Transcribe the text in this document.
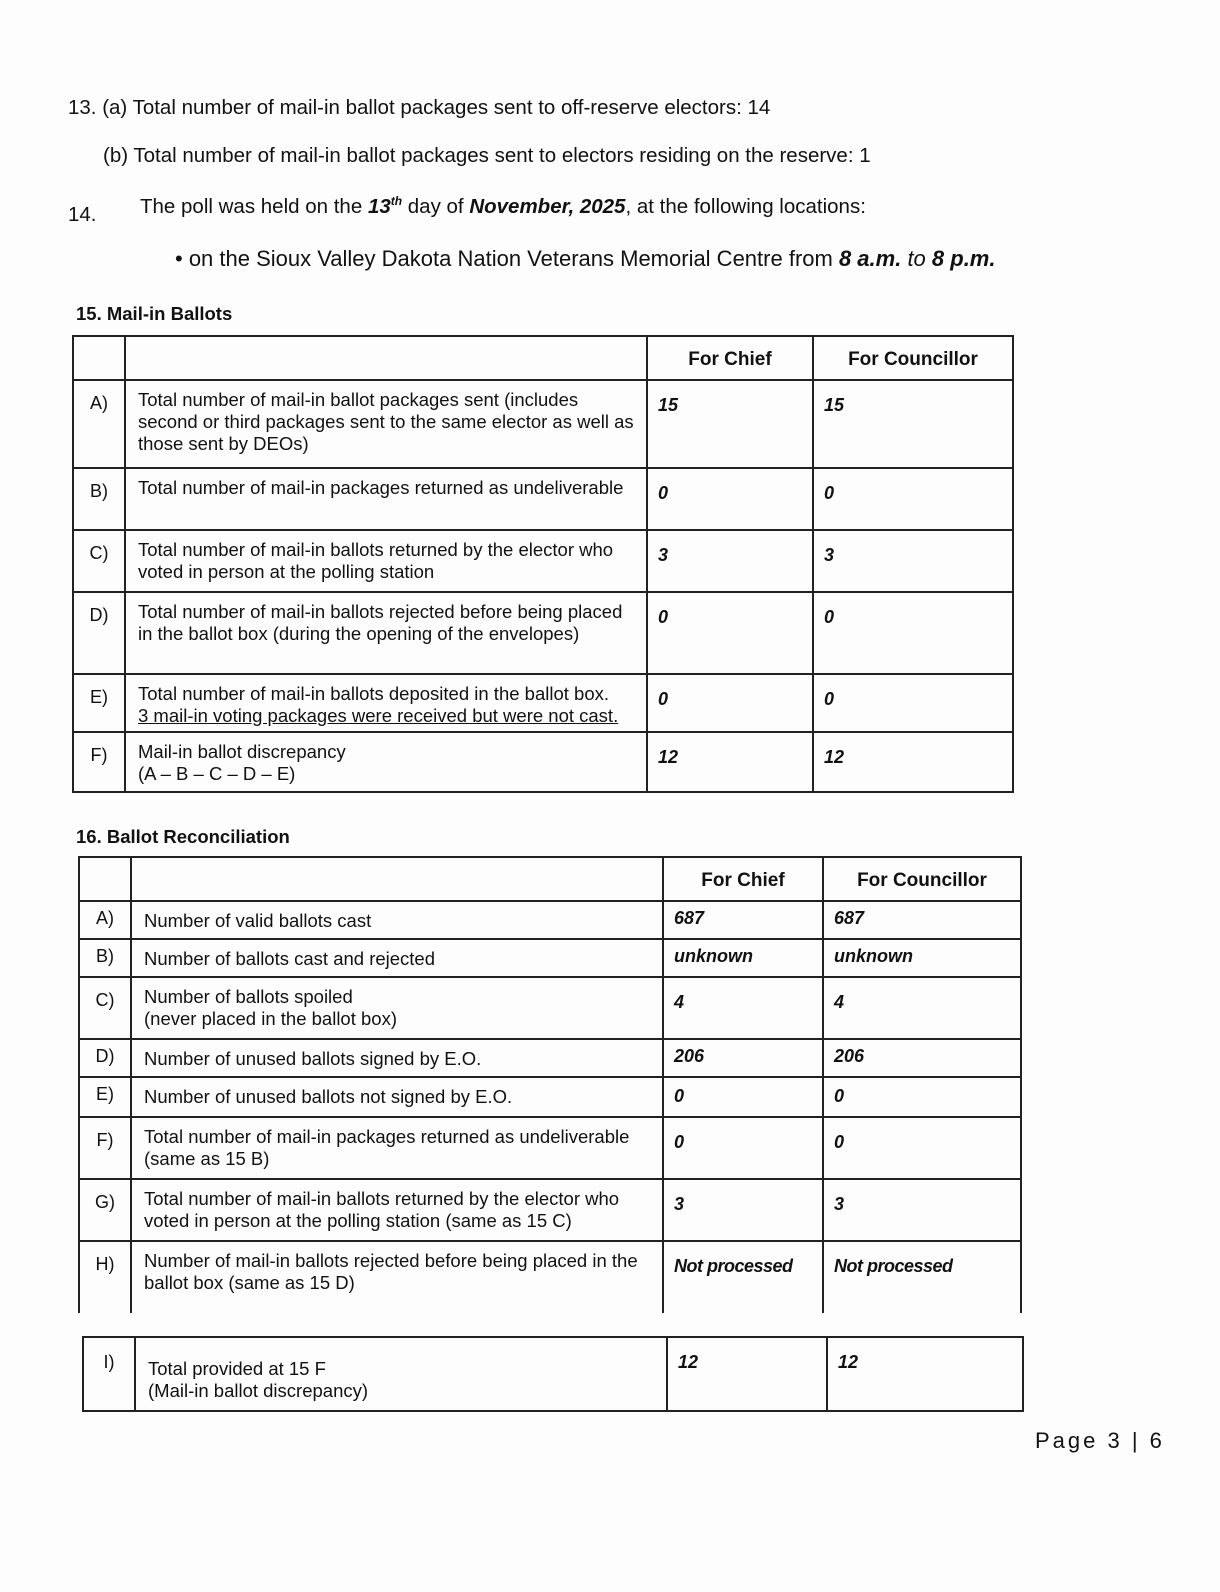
13. (a) Total number of mail-in ballot packages sent to off-reserve electors: 14
(b) Total number of mail-in ballot packages sent to electors residing on the reserve: 1
14. The poll was held on the 13th day of November, 2025, at the following locations:
• on the Sioux Valley Dakota Nation Veterans Memorial Centre from 8 a.m. to 8 p.m.
15. Mail-in Ballots
		For Chief	For Councillor
A)	Total number of mail-in ballot packages sent (includes second or third packages sent to the same elector as well as those sent by DEOs)	15	15
B)	Total number of mail-in packages returned as undeliverable	0	0
C)	Total number of mail-in ballots returned by the elector who voted in person at the polling station	3	3
D)	Total number of mail-in ballots rejected before being placed in the ballot box (during the opening of the envelopes)	0	0
E)	Total number of mail-in ballots deposited in the ballot box.
3 mail-in voting packages were received but were not cast.	0	0
F)	Mail-in ballot discrepancy
(A – B – C – D – E)	12	12
16. Ballot Reconciliation
		For Chief	For Councillor
A)	Number of valid ballots cast	687	687
B)	Number of ballots cast and rejected	unknown	unknown
C)	Number of ballots spoiled
(never placed in the ballot box)	4	4
D)	Number of unused ballots signed by E.O.	206	206
E)	Number of unused ballots not signed by E.O.	0	0
F)	Total number of mail-in packages returned as undeliverable (same as 15 B)	0	0
G)	Total number of mail-in ballots returned by the elector who voted in person at the polling station (same as 15 C)	3	3
H)	Number of mail-in ballots rejected before being placed in the ballot box (same as 15 D)	Not processed	Not processed
I)	Total provided at 15 F
(Mail-in ballot discrepancy)
	12	12
Page 3 | 6
